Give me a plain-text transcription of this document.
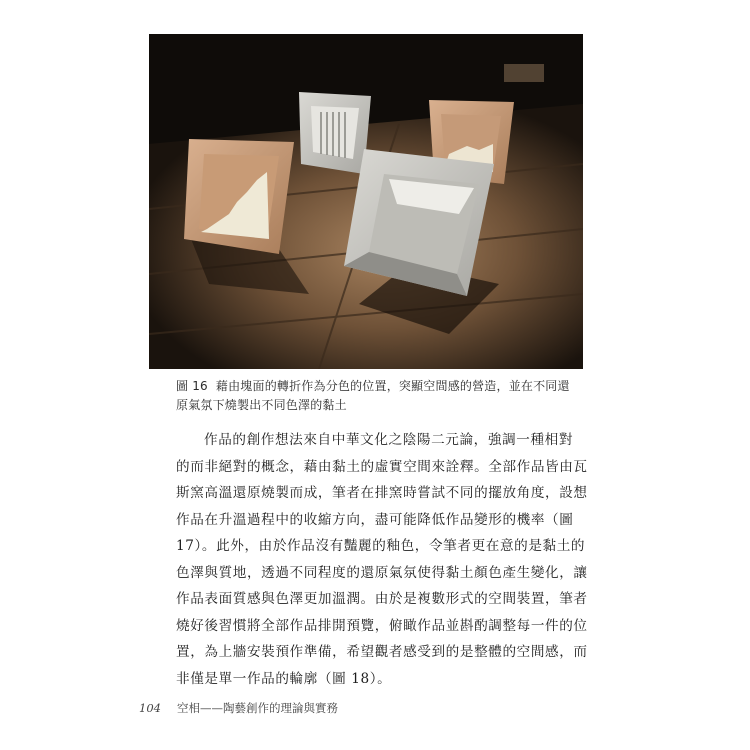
圖 16 藉由塊面的轉折作為分色的位置，突顯空間感的營造，並在不同還
原氣氛下燒製出不同色澤的黏土
作品的創作想法來自中華文化之陰陽二元論，強調一種相對
的而非絕對的概念，藉由黏土的虛實空間來詮釋。全部作品皆由瓦
斯窯高溫還原燒製而成，筆者在排窯時嘗試不同的擺放角度，設想
作品在升溫過程中的收縮方向，盡可能降低作品變形的機率（圖
17）。此外，由於作品沒有豔麗的釉色，令筆者更在意的是黏土的
色澤與質地，透過不同程度的還原氣氛使得黏土顏色產生變化，讓
作品表面質感與色澤更加溫潤。由於是複數形式的空間裝置，筆者
燒好後習慣將全部作品排開預覽，俯瞰作品並斟酌調整每一件的位
置，為上牆安裝預作準備，希望觀者感受到的是整體的空間感，而
非僅是單一作品的輪廓（圖 18）。
104 空相——陶藝創作的理論與實務
